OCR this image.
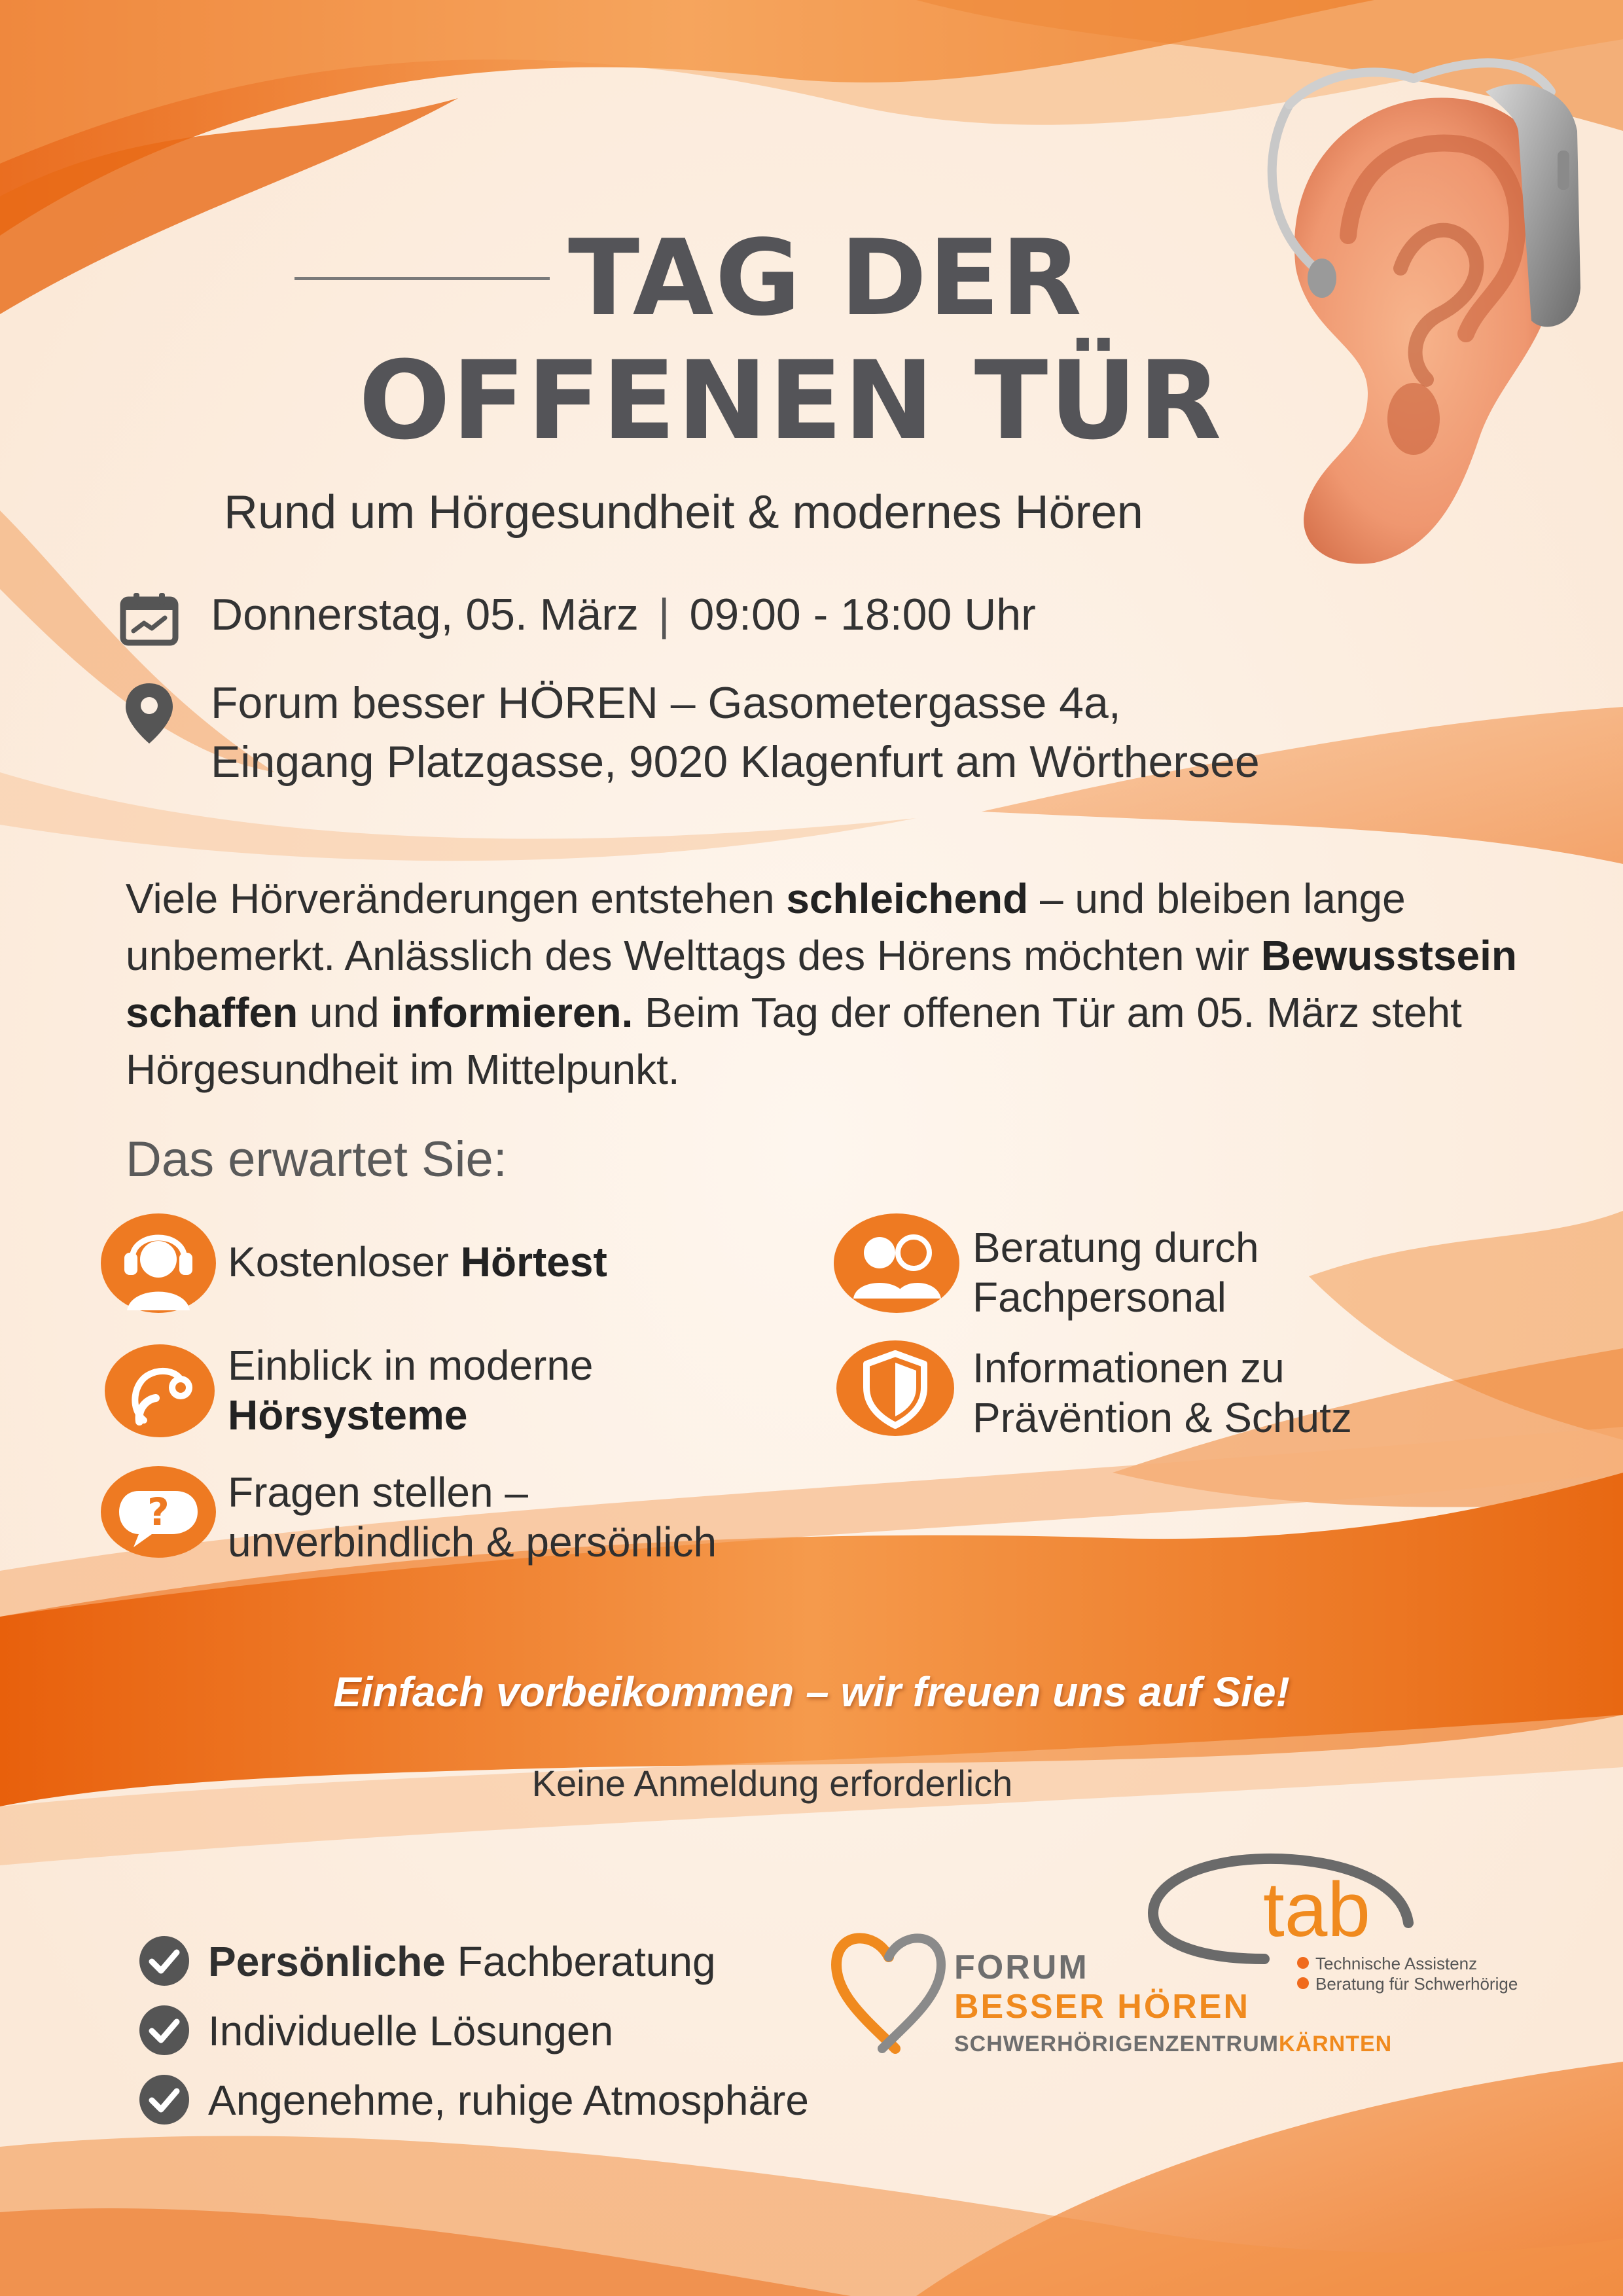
TAG DER
OFFENEN TÜR
Rund um Hörgesundheit & modernes Hören
Donnerstag, 05. März | 09:00 - 18:00 Uhr
Forum besser HÖREN – Gasometergasse 4a,
Eingang Platzgasse, 9020 Klagenfurt am Wörthersee
Viele Hörveränderungen entstehen schleichend – und bleiben lange unbemerkt. Anlässlich des Welttags des Hörens möchten wir Bewusstsein schaffen und informieren. Beim Tag der offenen Tür am 05. März steht Hörgesundheit im Mittelpunkt.
Das erwartet Sie:
Kostenloser Hörtest
Einblick in moderne
Hörsysteme
? Fragen stellen –
unverbindlich & persönlich
Beratung durch
Fachpersonal
Informationen zu
Prävëntion & Schutz
Einfach vorbeikommen – wir freuen uns auf Sie!
Keine Anmeldung erforderlich
Persönliche Fachberatung
Individuelle Lösungen
Angenehme, ruhige Atmosphäre
FORUM
BESSER HÖREN
SCHWERHÖRIGENZENTRUMKÄRNTEN
tab
Technische Assistenz
Beratung für Schwerhörige
